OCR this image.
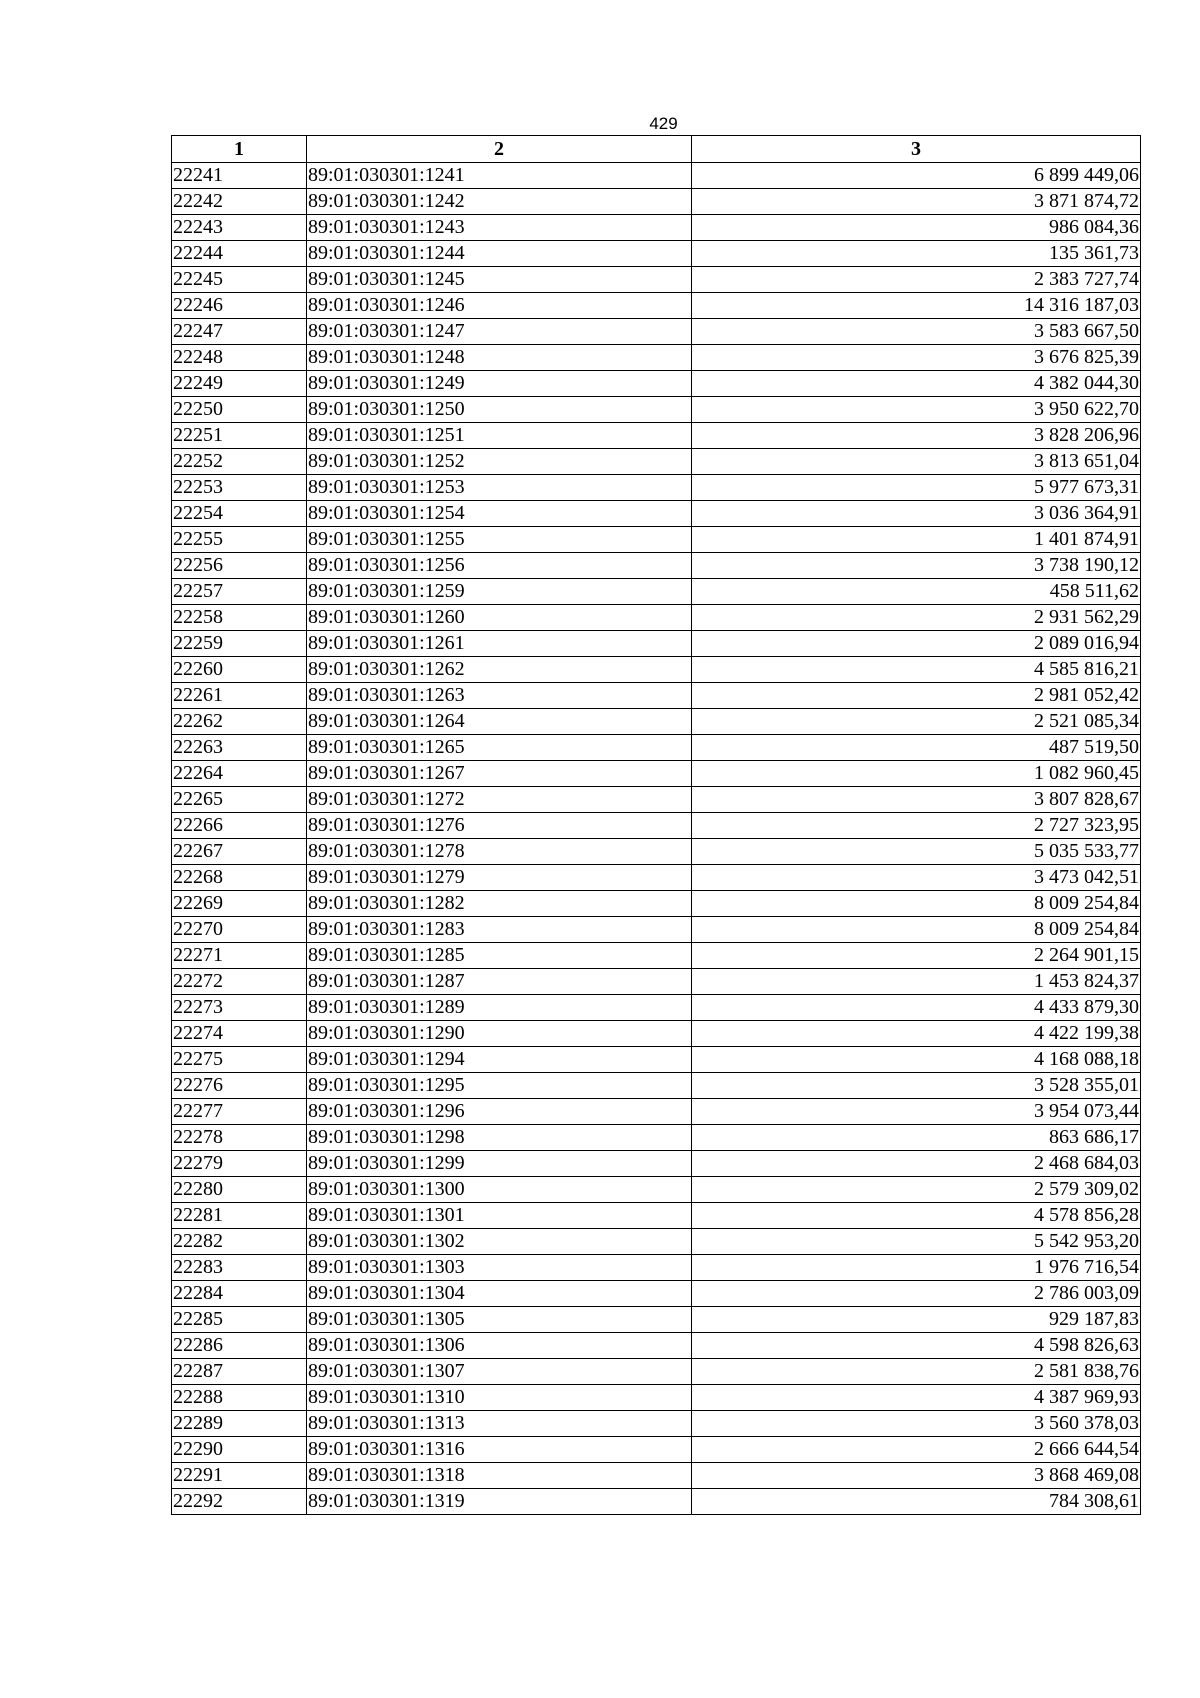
429
1	2	3
22241	89:01:030301:1241	6 899 449,06
22242	89:01:030301:1242	3 871 874,72
22243	89:01:030301:1243	986 084,36
22244	89:01:030301:1244	135 361,73
22245	89:01:030301:1245	2 383 727,74
22246	89:01:030301:1246	14 316 187,03
22247	89:01:030301:1247	3 583 667,50
22248	89:01:030301:1248	3 676 825,39
22249	89:01:030301:1249	4 382 044,30
22250	89:01:030301:1250	3 950 622,70
22251	89:01:030301:1251	3 828 206,96
22252	89:01:030301:1252	3 813 651,04
22253	89:01:030301:1253	5 977 673,31
22254	89:01:030301:1254	3 036 364,91
22255	89:01:030301:1255	1 401 874,91
22256	89:01:030301:1256	3 738 190,12
22257	89:01:030301:1259	458 511,62
22258	89:01:030301:1260	2 931 562,29
22259	89:01:030301:1261	2 089 016,94
22260	89:01:030301:1262	4 585 816,21
22261	89:01:030301:1263	2 981 052,42
22262	89:01:030301:1264	2 521 085,34
22263	89:01:030301:1265	487 519,50
22264	89:01:030301:1267	1 082 960,45
22265	89:01:030301:1272	3 807 828,67
22266	89:01:030301:1276	2 727 323,95
22267	89:01:030301:1278	5 035 533,77
22268	89:01:030301:1279	3 473 042,51
22269	89:01:030301:1282	8 009 254,84
22270	89:01:030301:1283	8 009 254,84
22271	89:01:030301:1285	2 264 901,15
22272	89:01:030301:1287	1 453 824,37
22273	89:01:030301:1289	4 433 879,30
22274	89:01:030301:1290	4 422 199,38
22275	89:01:030301:1294	4 168 088,18
22276	89:01:030301:1295	3 528 355,01
22277	89:01:030301:1296	3 954 073,44
22278	89:01:030301:1298	863 686,17
22279	89:01:030301:1299	2 468 684,03
22280	89:01:030301:1300	2 579 309,02
22281	89:01:030301:1301	4 578 856,28
22282	89:01:030301:1302	5 542 953,20
22283	89:01:030301:1303	1 976 716,54
22284	89:01:030301:1304	2 786 003,09
22285	89:01:030301:1305	929 187,83
22286	89:01:030301:1306	4 598 826,63
22287	89:01:030301:1307	2 581 838,76
22288	89:01:030301:1310	4 387 969,93
22289	89:01:030301:1313	3 560 378,03
22290	89:01:030301:1316	2 666 644,54
22291	89:01:030301:1318	3 868 469,08
22292	89:01:030301:1319	784 308,61
